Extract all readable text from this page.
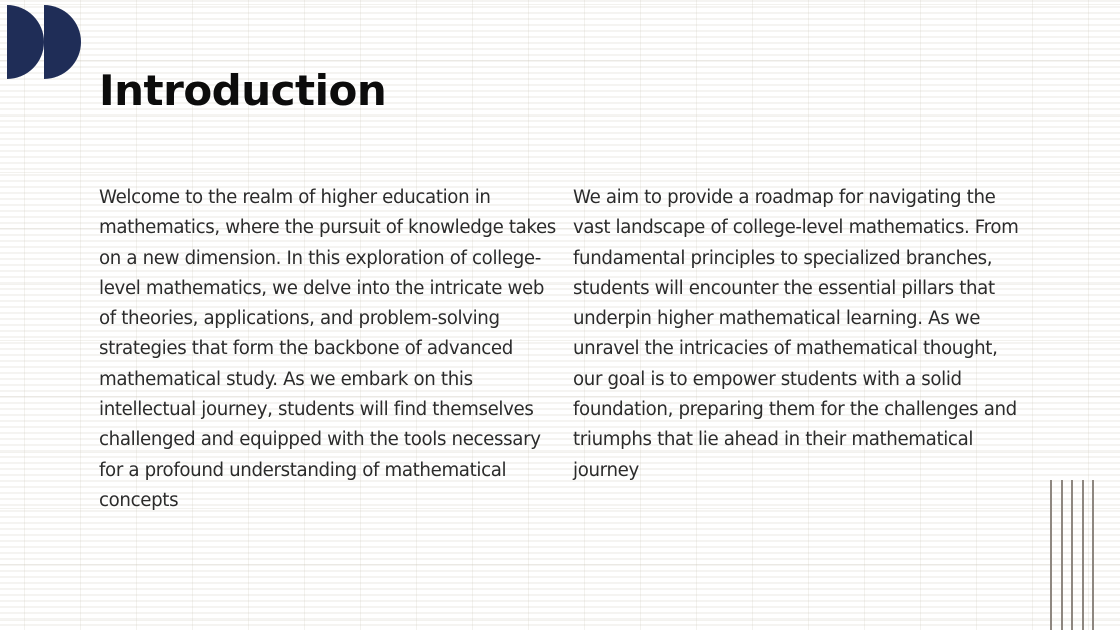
Introduction
Welcome to the realm of higher education in mathematics, where the pursuit of knowledge takes on a new dimension. In this exploration of college-level mathematics, we delve into the intricate web of theories, applications, and problem-solving strategies that form the backbone of advanced mathematical study. As we embark on this intellectual journey, students will find themselves challenged and equipped with the tools necessary for a profound understanding of mathematical concepts
We aim to provide a roadmap for navigating the vast landscape of college-level mathematics. From fundamental principles to specialized branches, students will encounter the essential pillars that underpin higher mathematical learning. As we unravel the intricacies of mathematical thought, our goal is to empower students with a solid foundation, preparing them for the challenges and triumphs that lie ahead in their mathematical journey
